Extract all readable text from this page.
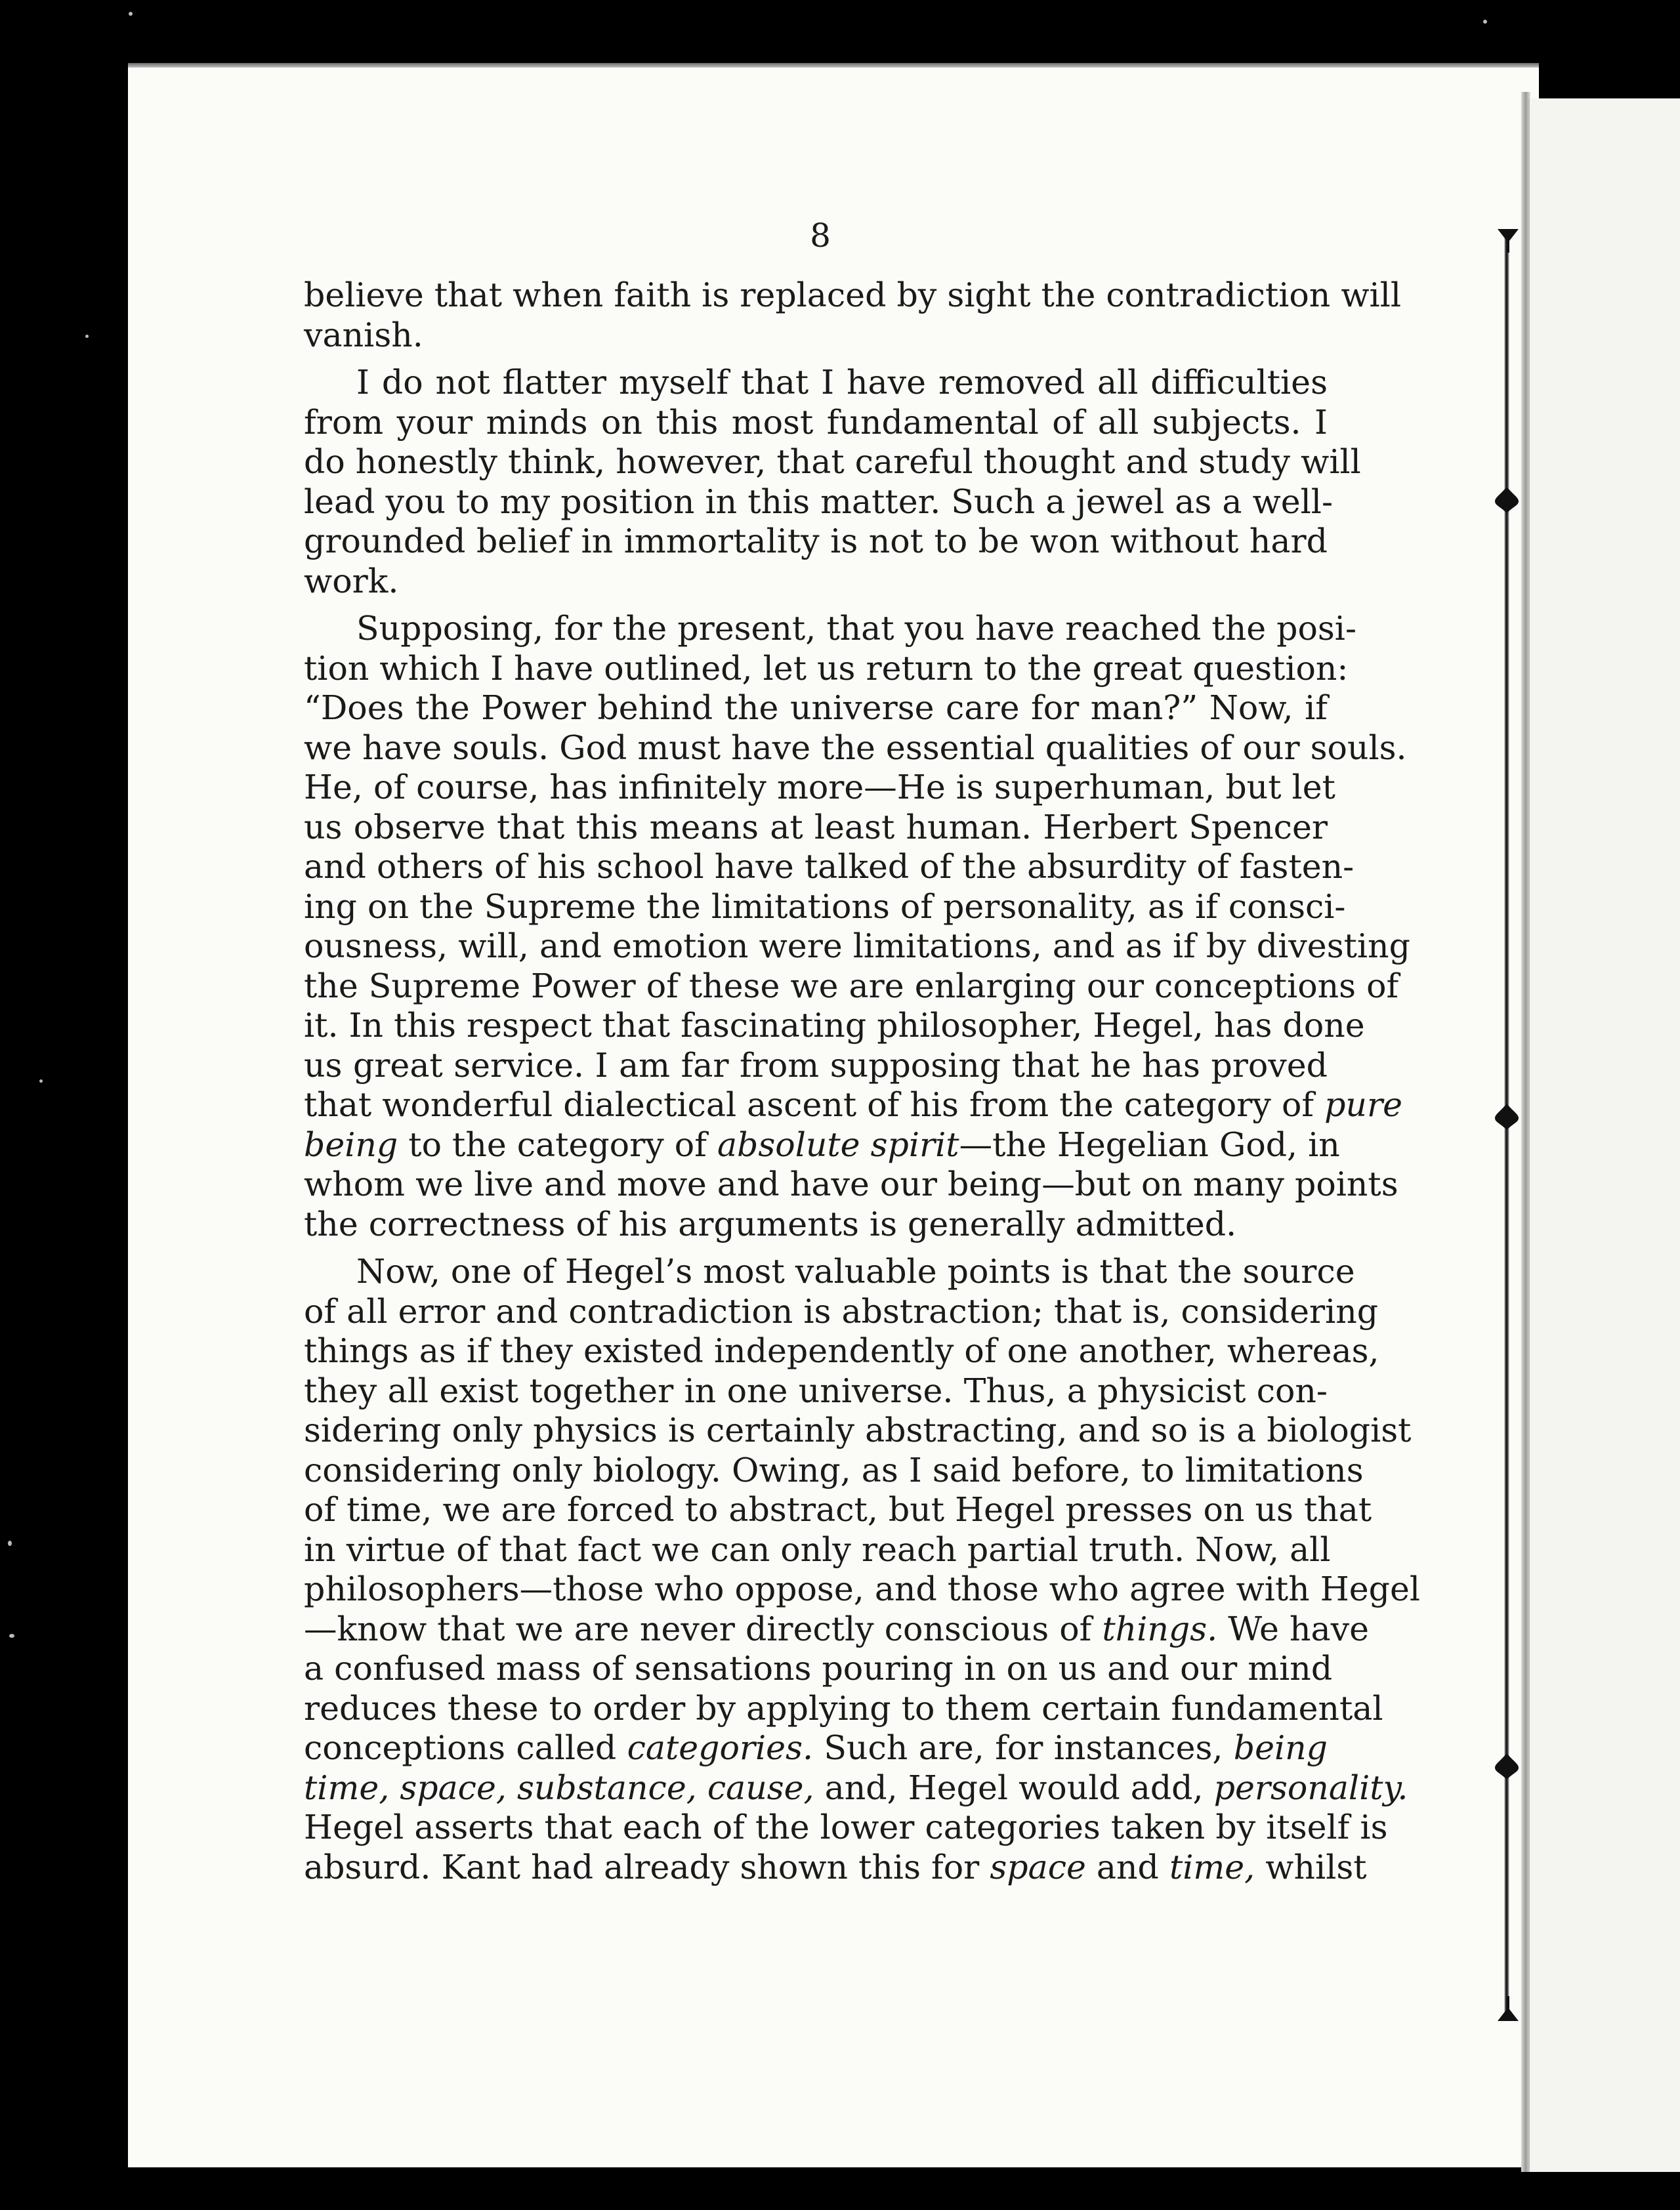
8
believe that when faith is replaced by sight the contradiction will
vanish.
I do not flatter myself that I have removed all difficulties
from your minds on this most fundamental of all subjects. I
do honestly think, however, that careful thought and study will
lead you to my position in this matter. Such a jewel as a well-
grounded belief in immortality is not to be won without hard
work.
Supposing, for the present, that you have reached the posi-
tion which I have outlined, let us return to the great question:
“Does the Power behind the universe care for man?” Now, if
we have souls. God must have the essential qualities of our souls.
He, of course, has infinitely more—He is superhuman, but let
us observe that this means at least human. Herbert Spencer
and others of his school have talked of the absurdity of fasten-
ing on the Supreme the limitations of personality, as if consci-
ousness, will, and emotion were limitations, and as if by divesting
the Supreme Power of these we are enlarging our conceptions of
it. In this respect that fascinating philosopher, Hegel, has done
us great service. I am far from supposing that he has proved
that wonderful dialectical ascent of his from the category of pure
being to the category of absolute spirit—the Hegelian God, in
whom we live and move and have our being—but on many points
the correctness of his arguments is generally admitted.
Now, one of Hegel’s most valuable points is that the source
of all error and contradiction is abstraction; that is, considering
things as if they existed independently of one another, whereas,
they all exist together in one universe. Thus, a physicist con-
sidering only physics is certainly abstracting, and so is a biologist
considering only biology. Owing, as I said before, to limitations
of time, we are forced to abstract, but Hegel presses on us that
in virtue of that fact we can only reach partial truth. Now, all
philosophers—those who oppose, and those who agree with Hegel
—know that we are never directly conscious of things. We have
a confused mass of sensations pouring in on us and our mind
reduces these to order by applying to them certain fundamental
conceptions called categories. Such are, for instances, being
time, space, substance, cause, and, Hegel would add, personality.
Hegel asserts that each of the lower categories taken by itself is
absurd. Kant had already shown this for space and time, whilst
